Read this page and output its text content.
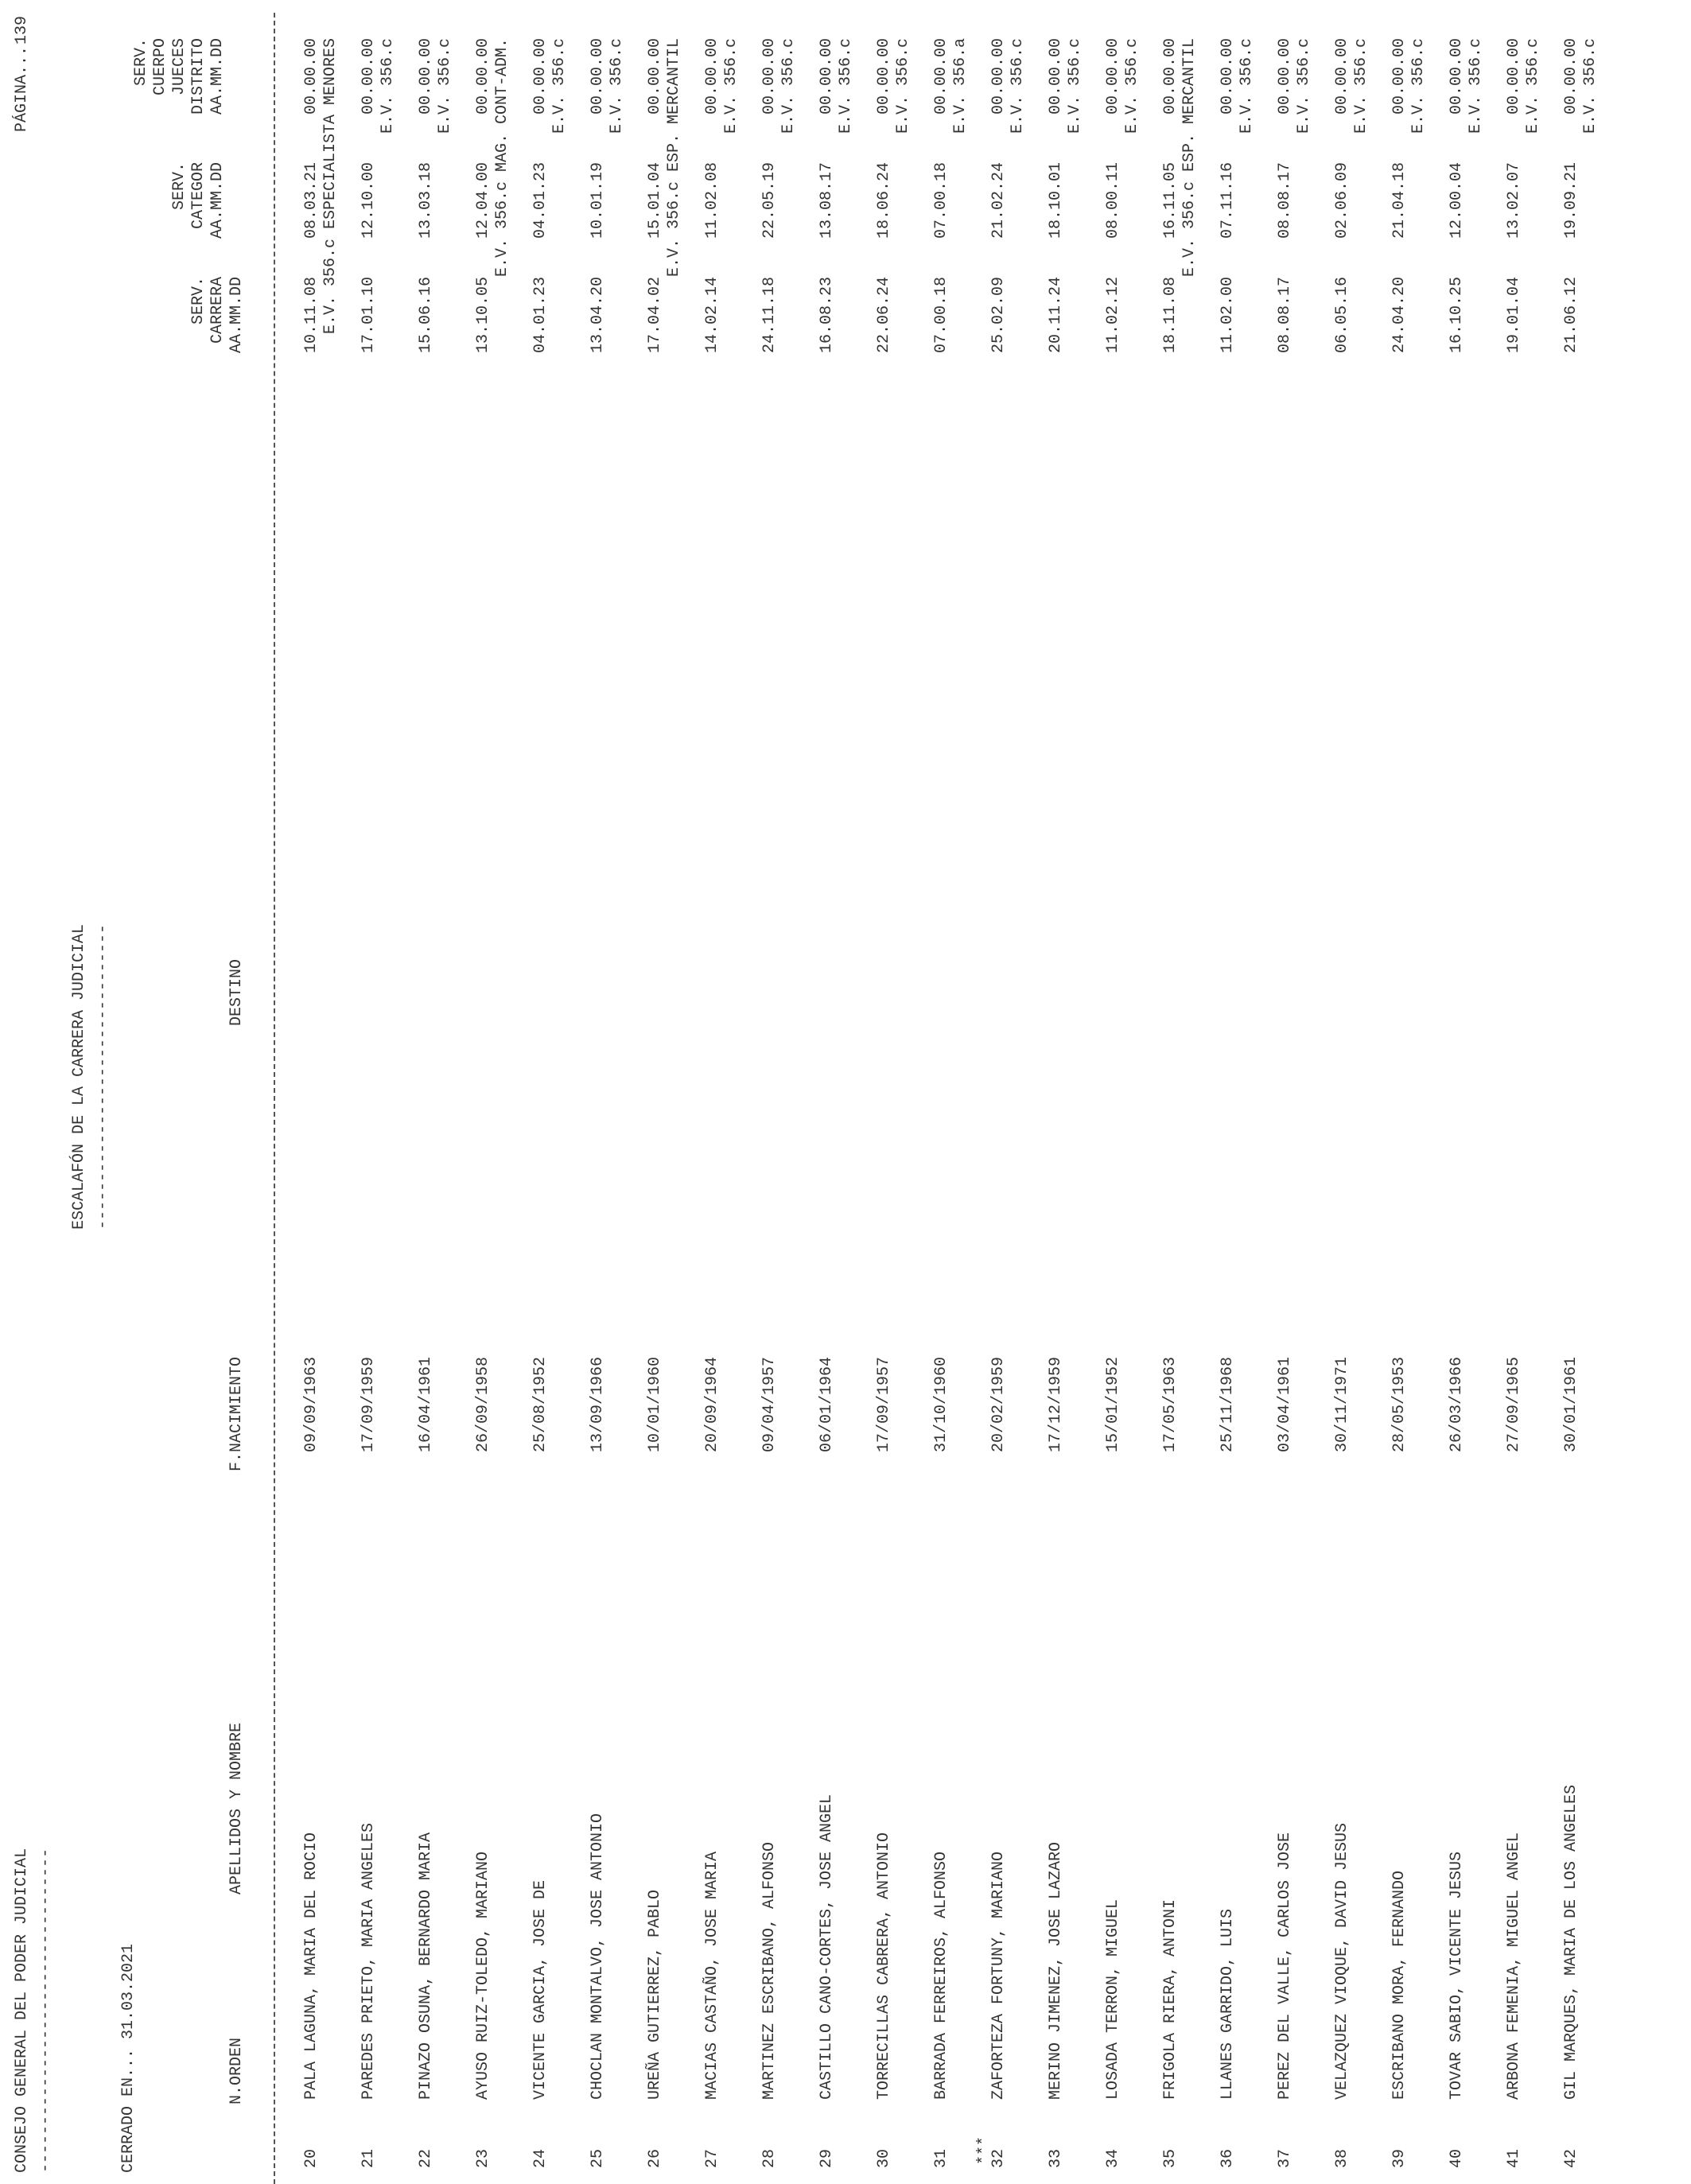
CONSEJO GENERAL DEL PODER JUDICIAL ----------------------------------
ESCALAFÓN DE LA CARRERA JUDICIAL --------------------------------
CERRADO EN... 31.03.2021
PÁGINA...
139
N.ORDEN
APELLIDOS Y NOMBRE
F.NACIMIENTO
DESTINO
SERV. CARRERA AA.MM.DD
SERV. CATEGOR AA.MM.DD
SERV. CUERPO JUECES DISTRITO AA.MM.DD
20
PALA LAGUNA, MARIA DEL ROCIO
09/09/1963
10.11.08
08.03.21
00.00.00 E.V. 356.c ESPECIALISTA MENORES
21
PAREDES PRIETO, MARIA ANGELES
17/09/1959
17.01.10
12.10.00
00.00.00 E.V. 356.c
22
PINAZO OSUNA, BERNARDO MARIA
16/04/1961
15.06.16
13.03.18
00.00.00 E.V. 356.c
23
AYUSO RUIZ-TOLEDO, MARIANO
26/09/1958
13.10.05
12.04.00
00.00.00 E.V. 356.c MAG. CONT-ADM.
24
VICENTE GARCIA, JOSE DE
25/08/1952
04.01.23
04.01.23
00.00.00 E.V. 356.c
25
CHOCLAN MONTALVO, JOSE ANTONIO
13/09/1966
13.04.20
10.01.19
00.00.00 E.V. 356.c
26
UREÑA GUTIERREZ, PABLO
10/01/1960
17.04.02
15.01.04
00.00.00 E.V. 356.c ESP. MERCANTIL
27
MACIAS CASTAÑO, JOSE MARIA
20/09/1964
14.02.14
11.02.08
00.00.00 E.V. 356.c
28
MARTINEZ ESCRIBANO, ALFONSO
09/04/1957
24.11.18
22.05.19
00.00.00 E.V. 356.c
29
CASTILLO CANO-CORTES, JOSE ANGEL
06/01/1964
16.08.23
13.08.17
00.00.00 E.V. 356.c
30
TORRECILLAS CABRERA, ANTONIO
17/09/1957
22.06.24
18.06.24
00.00.00 E.V. 356.c
31
BARRADA FERREIROS, ALFONSO
31/10/1960
07.00.18
07.00.18
00.00.00 E.V. 356.a
32
***
ZAFORTEZA FORTUNY, MARIANO
20/02/1959
25.02.09
21.02.24
00.00.00 E.V. 356.c
33
MERINO JIMENEZ, JOSE LAZARO
17/12/1959
20.11.24
18.10.01
00.00.00 E.V. 356.c
34
LOSADA TERRON, MIGUEL
15/01/1952
11.02.12
08.00.11
00.00.00 E.V. 356.c
35
FRIGOLA RIERA, ANTONI
17/05/1963
18.11.08
16.11.05
00.00.00 E.V. 356.c ESP. MERCANTIL
36
LLANES GARRIDO, LUIS
25/11/1968
11.02.00
07.11.16
00.00.00 E.V. 356.c
37
PEREZ DEL VALLE, CARLOS JOSE
03/04/1961
08.08.17
08.08.17
00.00.00 E.V. 356.c
38
VELAZQUEZ VIOQUE, DAVID JESUS
30/11/1971
06.05.16
02.06.09
00.00.00 E.V. 356.c
39
ESCRIBANO MORA, FERNANDO
28/05/1953
24.04.20
21.04.18
00.00.00 E.V. 356.c
40
TOVAR SABIO, VICENTE JESUS
26/03/1966
16.10.25
12.00.04
00.00.00 E.V. 356.c
41
ARBONA FEMENIA, MIGUEL ANGEL
27/09/1965
19.01.04
13.02.07
00.00.00 E.V. 356.c
42
GIL MARQUES, MARIA DE LOS ANGELES
30/01/1961
21.06.12
19.09.21
00.00.00 E.V. 356.c
